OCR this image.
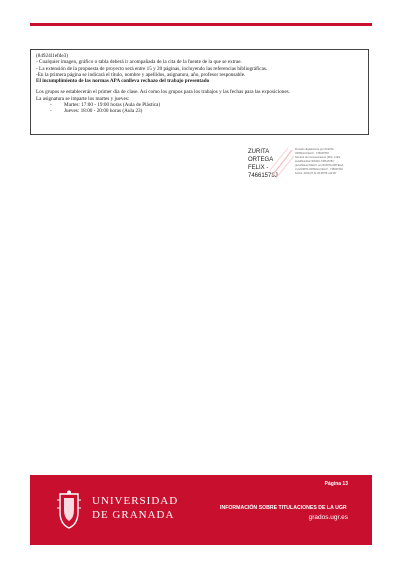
(84924l1efde3)

- Cualquier imagen, gráfico o tabla deberá ir acompañada de la cita de la fuente de la que se extrae.

- La extensión de la propuesta de proyecto será entre 15 y 20 páginas, incluyendo las referencias bibliográficas.

-En la primera página se indicará el título, nombre y apellidos, asignatura, año, profesor responsable.

El incumplimiento de las normas APA conlleva rechazo del trabajo presentado

Los grupos se establecerán el primer día de clase. Así como los grupos para los trabajos y las fechas para las exposiciones.

La asignatura se imparte los martes y jueves:

- Martes: 17:00 - 19:00 horas (Aula de Plástica)

- Jueves: 18:00 - 20:00 horas (Aula 23)

ZURITA ORTEGA
FELIX -
74661578J
Firmado digitalmente por ZURITA
ORTEGA FELIX - 74661578J
Nombre de reconocimiento (DN): c=ES,
serialNumber=IDCES-74661578J,
givenName=FELIX, sn=ZURITA ORTEGA,
cn=ZURITA ORTEGA FELIX - 74661578J
Fecha: 2019.07.11 20:08:55 +02'00'
UNIVERSIDAD
DE GRANADA
Página 13
INFORMACIÓN SOBRE TITULACIONES DE LA UGR
grados.ugr.es
